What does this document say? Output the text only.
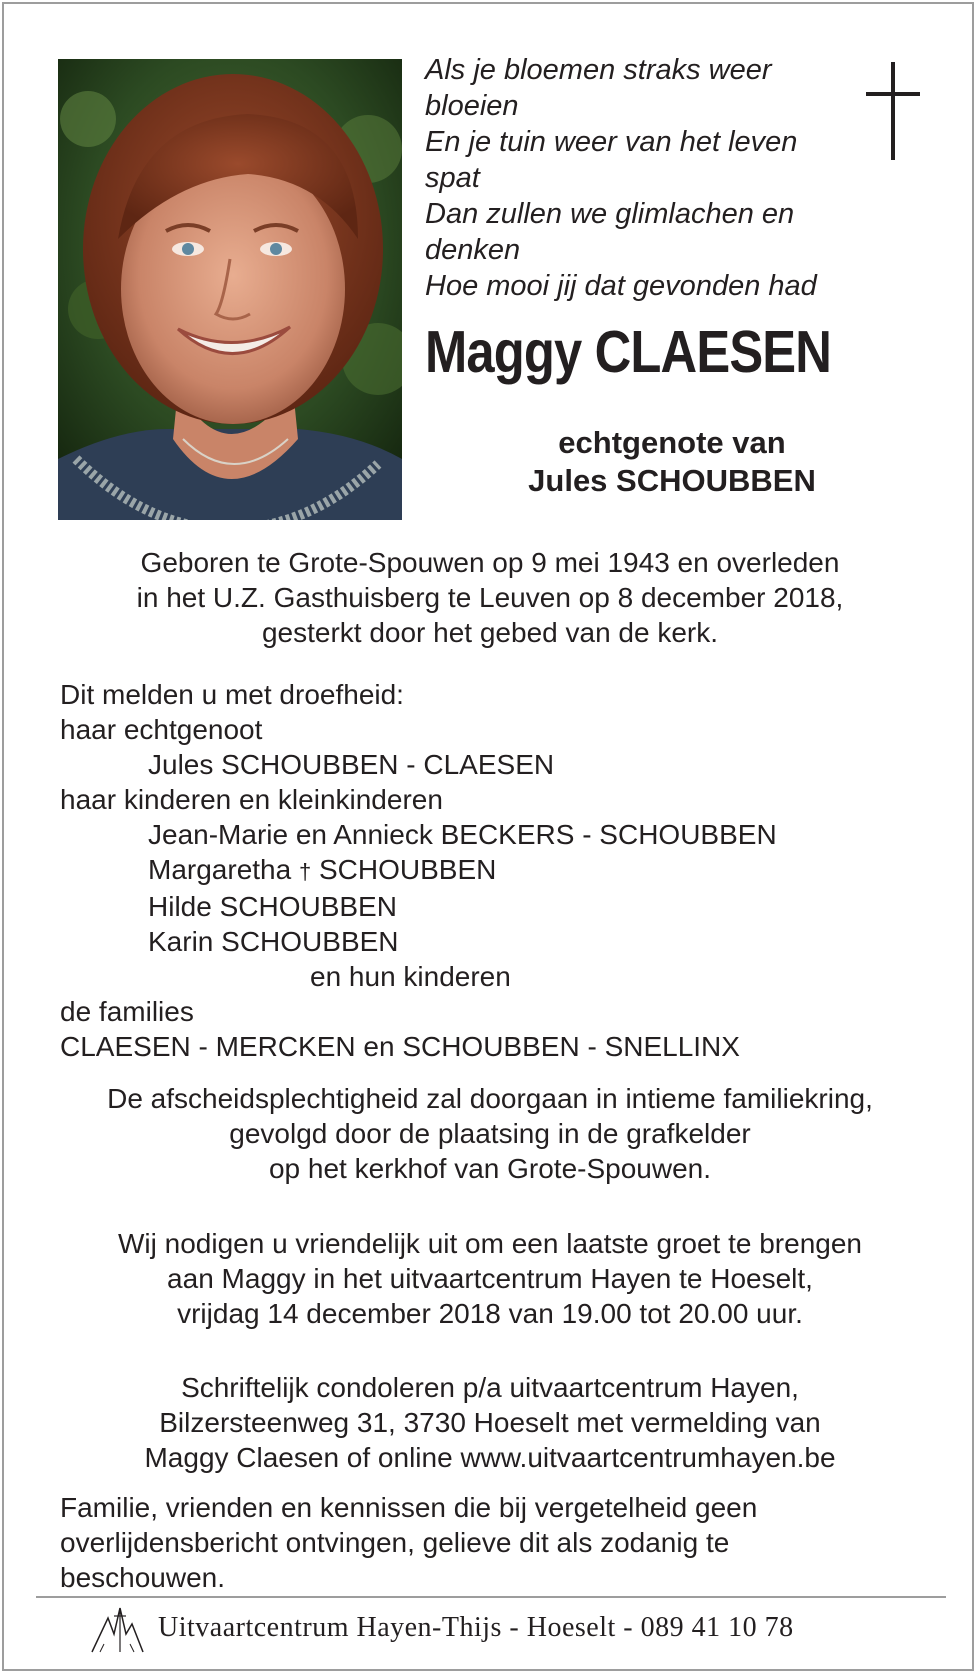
Als je bloemen straks weer
bloeien
En je tuin weer van het leven
spat
Dan zullen we glimlachen en
denken
Hoe mooi jij dat gevonden had
Maggy CLAESEN
echtgenote van
Jules SCHOUBBEN
Geboren te Grote-Spouwen op 9 mei 1943 en overleden
in het U.Z. Gasthuisberg te Leuven op 8 december 2018,
gesterkt door het gebed van de kerk.
Dit melden u met droefheid:
haar echtgenoot
Jules SCHOUBBEN - CLAESEN
haar kinderen en kleinkinderen
Jean-Marie en Annieck BECKERS - SCHOUBBEN
Margaretha † SCHOUBBEN
Hilde SCHOUBBEN
Karin SCHOUBBEN
en hun kinderen
de families
CLAESEN - MERCKEN en SCHOUBBEN - SNELLINX
De afscheidsplechtigheid zal doorgaan in intieme familiekring,
gevolgd door de plaatsing in de grafkelder
op het kerkhof van Grote-Spouwen.
Wij nodigen u vriendelijk uit om een laatste groet te brengen
aan Maggy in het uitvaartcentrum Hayen te Hoeselt,
vrijdag 14 december 2018 van 19.00 tot 20.00 uur.
Schriftelijk condoleren p/a uitvaartcentrum Hayen,
Bilzersteenweg 31, 3730 Hoeselt met vermelding van
Maggy Claesen of online www.uitvaartcentrumhayen.be
Familie, vrienden en kennissen die bij vergetelheid geen
overlijdensbericht ontvingen, gelieve dit als zodanig te
beschouwen.
Uitvaartcentrum Hayen-Thijs - Hoeselt - 089 41 10 78
